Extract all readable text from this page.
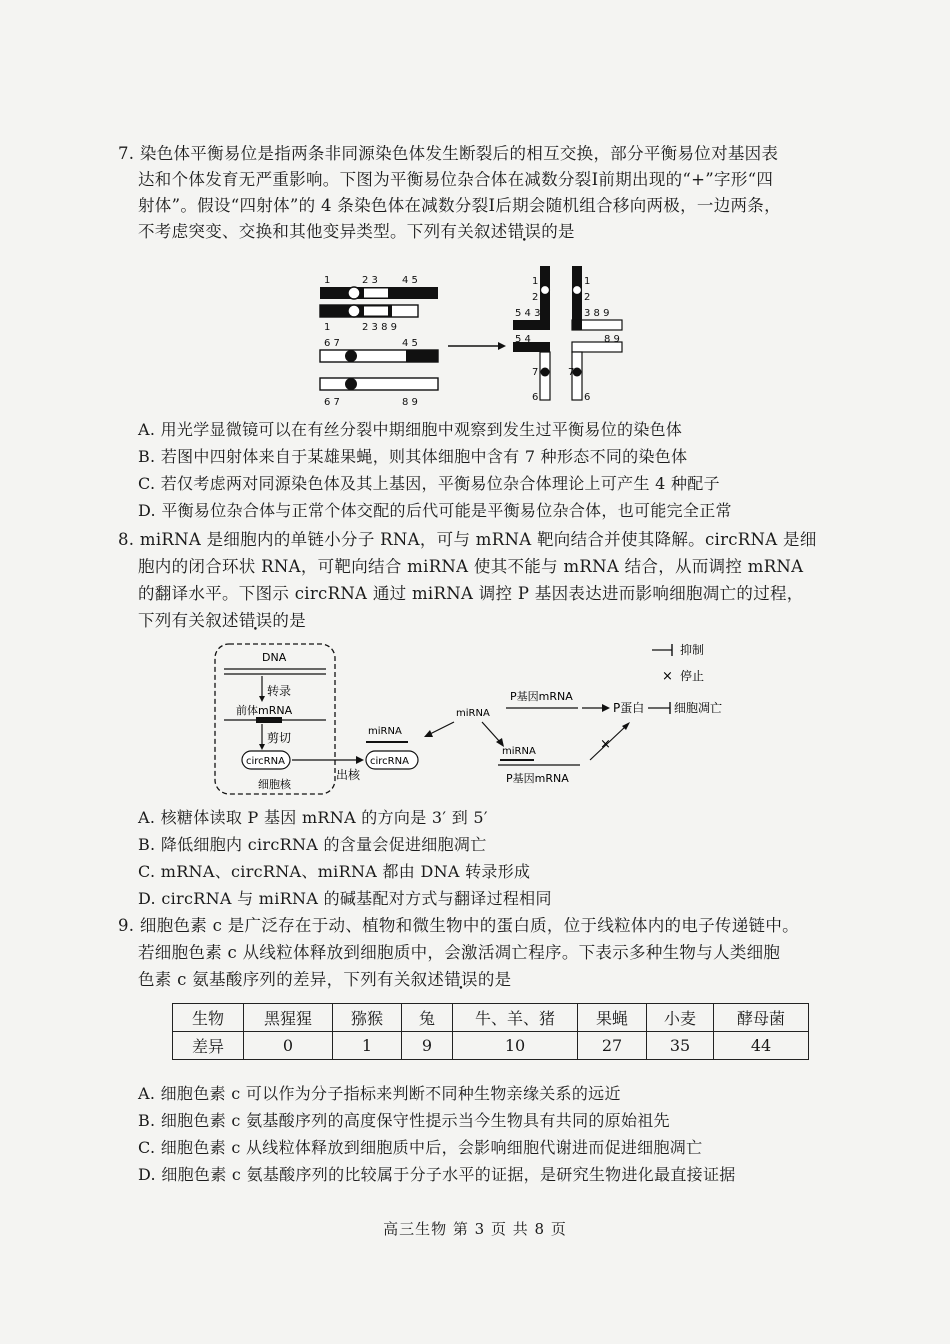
7. 染色体平衡易位是指两条非同源染色体发生断裂后的相互交换，部分平衡易位对基因表
达和个体发育无严重影响。下图为平衡易位杂合体在减数分裂Ⅰ前期出现的“+”字形“四
射体”。假设“四射体”的 4 条染色体在减数分裂Ⅰ后期会随机组合移向两极，一边两条，
不考虑突变、交换和其他变异类型。下列有关叙述错误的是
1	2 3 4 5
1	2 3 8 9
6 7	4 5
6 7	8 9
1	1
2	2
5 4 3	3 8 9
5 4	8 9
7	7
6	6
A. 用光学显微镜可以在有丝分裂中期细胞中观察到发生过平衡易位的染色体
B. 若图中四射体来自于某雄果蝇，则其体细胞中含有 7 种形态不同的染色体
C. 若仅考虑两对同源染色体及其上基因，平衡易位杂合体理论上可产生 4 种配子
D. 平衡易位杂合体与正常个体交配的后代可能是平衡易位杂合体，也可能完全正常
8. miRNA 是细胞内的单链小分子 RNA，可与 mRNA 靶向结合并使其降解。circRNA 是细
胞内的闭合环状 RNA，可靶向结合 miRNA 使其不能与 mRNA 结合，从而调控 mRNA
的翻译水平。下图示 circRNA 通过 miRNA 调控 P 基因表达进而影响细胞凋亡的过程，
下列有关叙述错误的是
DNA
转录
前体mRNA
剪切
circRNA
细胞核
出核
miRNA
circRNA
miRNA
P基因mRNA
P蛋白 细胞凋亡
miRNA
P基因mRNA
×
抑制
× 停止
A. 核糖体读取 P 基因 mRNA 的方向是 3′ 到 5′
B. 降低细胞内 circRNA 的含量会促进细胞凋亡
C. mRNA、circRNA、miRNA 都由 DNA 转录形成
D. circRNA 与 miRNA 的碱基配对方式与翻译过程相同
9. 细胞色素 c 是广泛存在于动、植物和微生物中的蛋白质，位于线粒体内的电子传递链中。
若细胞色素 c 从线粒体释放到细胞质中，会激活凋亡程序。下表示多种生物与人类细胞
色素 c 氨基酸序列的差异，下列有关叙述错误的是
生物	黑猩猩	猕猴	兔	牛、羊、猪	果蝇	小麦	酵母菌
差异	0	1	9	10	27	35	44
A. 细胞色素 c 可以作为分子指标来判断不同种生物亲缘关系的远近
B. 细胞色素 c 氨基酸序列的高度保守性提示当今生物具有共同的原始祖先
C. 细胞色素 c 从线粒体释放到细胞质中后，会影响细胞代谢进而促进细胞凋亡
D. 细胞色素 c 氨基酸序列的比较属于分子水平的证据，是研究生物进化最直接证据
高三生物 第 3 页 共 8 页
